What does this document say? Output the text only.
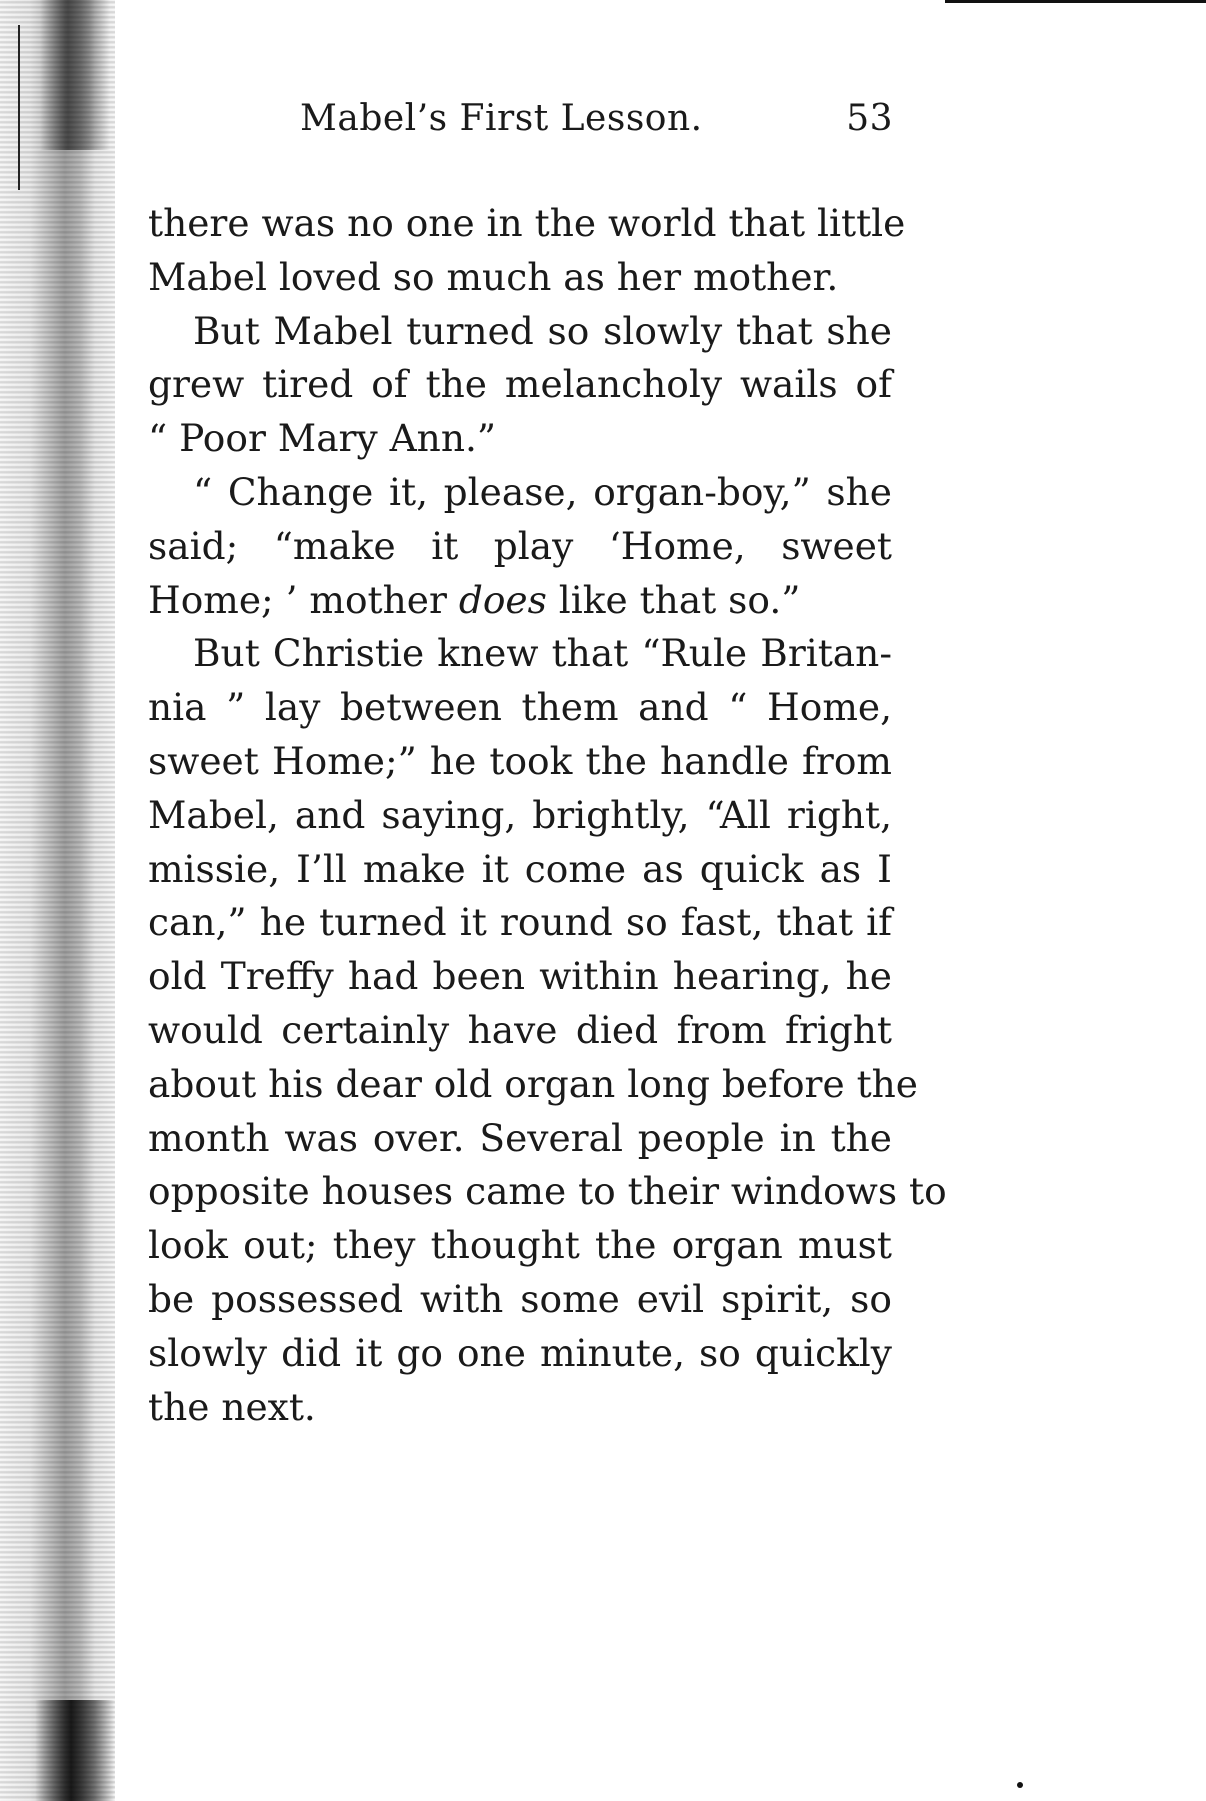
Mabel’s First Lesson.	53
there was no one in the world that little
Mabel loved so much as her mother.
But Mabel turned so slowly that she
grew tired of the melancholy wails of
“ Poor Mary Ann.”
“ Change it, please, organ-boy,” she
said; “make it play ‘Home, sweet
Home; ’ mother does like that so.”
But Christie knew that “Rule Britan-
nia ” lay between them and “ Home,
sweet Home;” he took the handle from
Mabel, and saying, brightly, “All right,
missie, I’ll make it come as quick as I
can,” he turned it round so fast, that if
old Treffy had been within hearing, he
would certainly have died from fright
about his dear old organ long before the
month was over. Several people in the
opposite houses came to their windows to
look out; they thought the organ must
be possessed with some evil spirit, so
slowly did it go one minute, so quickly
the next.
